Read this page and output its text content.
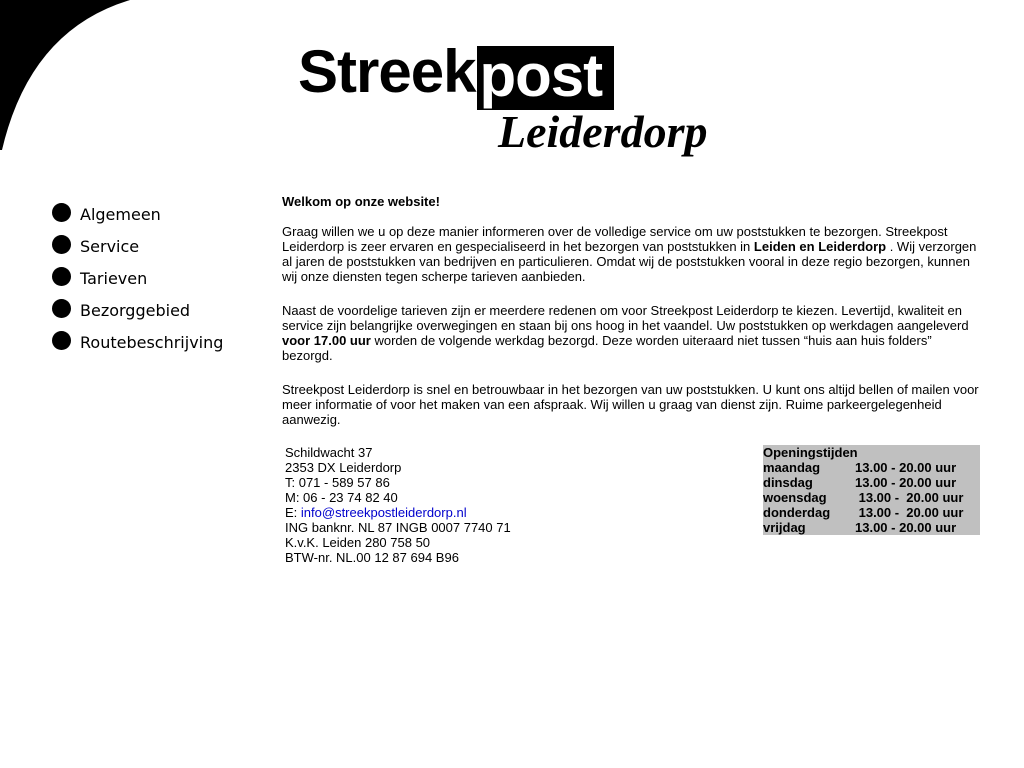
Streek post
Leiderdorp
Algemeen
Service
Tarieven
Bezorggebied
Routebeschrijving

Welkom op onze website!

Graag willen we u op deze manier informeren over de volledige service om uw poststukken te bezorgen. Streekpost Leiderdorp is zeer ervaren en gespecialiseerd in het bezorgen van poststukken in Leiden en Leiderdorp . Wij verzorgen al jaren de poststukken van bedrijven en particulieren. Omdat wij de poststukken vooral in deze regio bezorgen, kunnen wij onze diensten tegen scherpe tarieven aanbieden.

Naast de voordelige tarieven zijn er meerdere redenen om voor Streekpost Leiderdorp te kiezen. Levertijd, kwaliteit en service zijn belangrijke overwegingen en staan bij ons hoog in het vaandel. Uw poststukken op werkdagen aangeleverd voor 17.00 uur worden de volgende werkdag bezorgd. Deze worden uiteraard niet tussen “huis aan huis folders” bezorgd.

Streekpost Leiderdorp is snel en betrouwbaar in het bezorgen van uw poststukken. U kunt ons altijd bellen of mailen voor meer informatie of voor het maken van een afspraak. Wij willen u graag van dienst zijn. Ruime parkeergelegenheid aanwezig.

Schildwacht 37
2353 DX Leiderdorp
T: 071 - 589 57 86
M: 06 - 23 74 82 40
E: info@streekpostleiderdorp.nl
ING banknr. NL 87 INGB 0007 7740 71
K.v.K. Leiden 280 758 50
BTW-nr. NL.00 12 87 694 B96
Openingstijden
maandag	13.00 - 20.00 uur
dinsdag	13.00 - 20.00 uur
woensdag	13.00 -  20.00 uur
donderdag	13.00 -  20.00 uur
vrijdag	13.00 - 20.00 uur
